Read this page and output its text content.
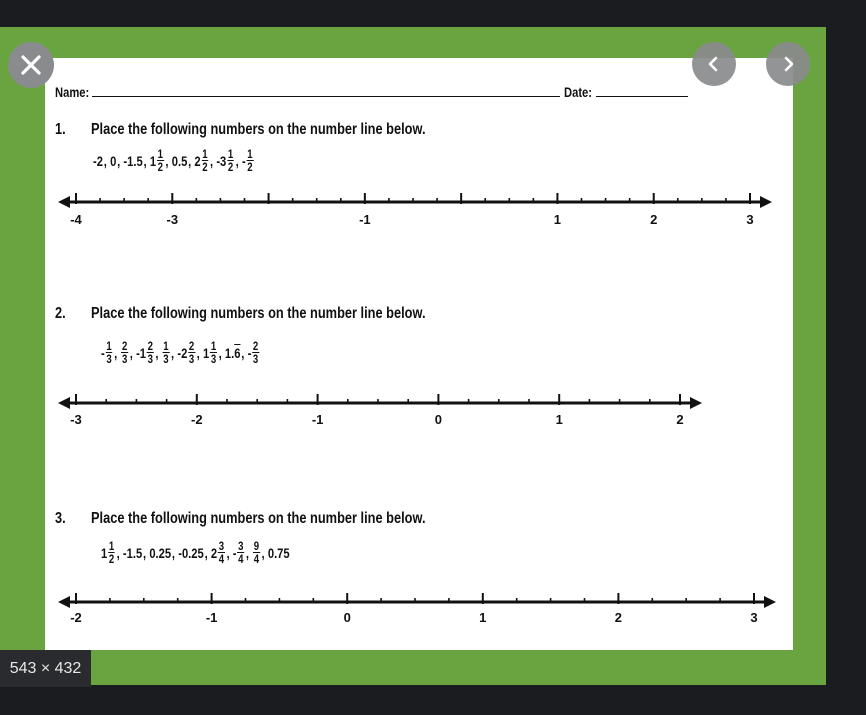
Name:	Date:
1. Place the following numbers on the number line below.
-2 , 0 , -1.5 , $1 \frac{1}{2}$ , 0.5 , $2 \frac{1}{2}$ , $-3 \frac{1}{2}$ , - $\frac{1}{2}$
-4	-3	-1	1	2	3
2. Place the following numbers on the number line below.
- $\frac{1}{3}$ , $\frac{2}{3}$ , $-1 \frac{2}{3}$ , $\frac{1}{3}$ , $-2 \frac{2}{3}$ , $1 \frac{1}{3}$ , 1. 6 , - $\frac{2}{3}$
-3	-2	-1	0	1	2
3. Place the following numbers on the number line below.
$1 \frac{1}{2}$ , -1.5 , 0.25 , -0.25 , $2 \frac{3}{4}$ , - $\frac{3}{4}$ , $\frac{9}{4}$ , 0.75
-2	-1	0	1	2	3
543 × 432
